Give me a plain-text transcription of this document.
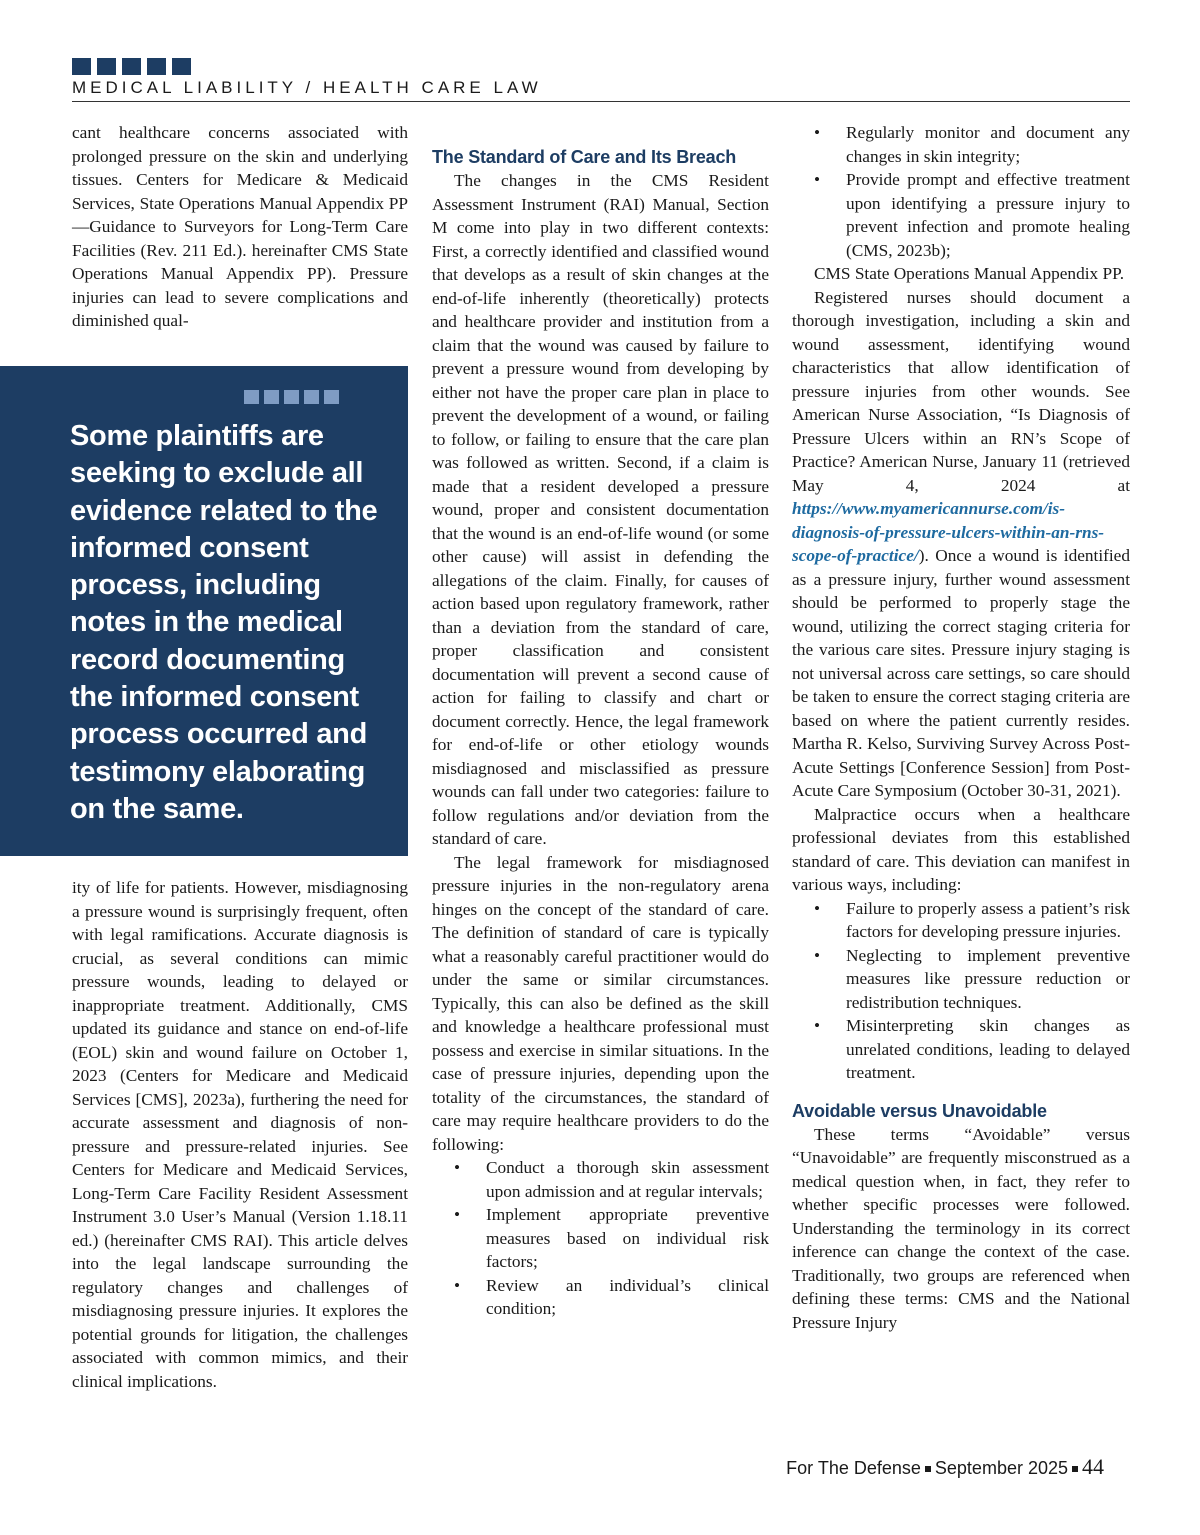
MEDICAL LIABILITY / HEALTH CARE LAW

cant healthcare concerns associated with prolonged pressure on the skin and underlying tissues. Centers for Medicare & Medicaid Services, State Operations Manual Appendix PP—Guidance to Surveyors for Long-Term Care Facilities (Rev. 211 Ed.). hereinafter CMS State Operations Manual Appendix PP). Pressure injuries can lead to severe complications and diminished qual-

Some plaintiffs are seeking to exclude all evidence related to the informed consent process, including notes in the medical record documenting the informed consent process occurred and testimony elaborating on the same.

ity of life for patients. However, misdiagnosing a pressure wound is surprisingly frequent, often with legal ramifications. Accurate diagnosis is crucial, as several conditions can mimic pressure wounds, leading to delayed or inappropriate treatment. Additionally, CMS updated its guidance and stance on end-of-life (EOL) skin and wound failure on October 1, 2023 (Centers for Medicare and Medicaid Services [CMS], 2023a), furthering the need for accurate assessment and diagnosis of non-pressure and pressure-related injuries. See Centers for Medicare and Medicaid Services, Long-Term Care Facility Resident Assessment Instrument 3.0 User’s Manual (Version 1.18.11 ed.) (hereinafter CMS RAI). This article delves into the legal landscape surrounding the regulatory changes and challenges of misdiagnosing pressure injuries. It explores the potential grounds for litigation, the challenges associated with common mimics, and their clinical implications.

The Standard of Care and Its Breach

The changes in the CMS Resident Assessment Instrument (RAI) Manual, Section M come into play in two different contexts: First, a correctly identified and classified wound that develops as a result of skin changes at the end-of-life inherently (theoretically) protects and healthcare provider and institution from a claim that the wound was caused by failure to prevent a pressure wound from developing by either not have the proper care plan in place to prevent the development of a wound, or failing to follow, or failing to ensure that the care plan was followed as written. Second, if a claim is made that a resident developed a pressure wound, proper and consistent documentation that the wound is an end-of-life wound (or some other cause) will assist in defending the allegations of the claim. Finally, for causes of action based upon regulatory framework, rather than a deviation from the standard of care, proper classification and consistent documentation will prevent a second cause of action for failing to classify and chart or document correctly. Hence, the legal framework for end-of-life or other etiology wounds misdiagnosed and misclassified as pressure wounds can fall under two categories: failure to follow regulations and/or deviation from the standard of care.

The legal framework for misdiagnosed pressure injuries in the non-regulatory arena hinges on the concept of the standard of care. The definition of standard of care is typically what a reasonably careful practitioner would do under the same or similar circumstances. Typically, this can also be defined as the skill and knowledge a healthcare professional must possess and exercise in similar situations. In the case of pressure injuries, depending upon the totality of the circumstances, the standard of care may require healthcare providers to do the following:

• Conduct a thorough skin assessment upon admission and at regular intervals;
• Implement appropriate preventive measures based on individual risk factors;
• Review an individual’s clinical condition;
• Regularly monitor and document any changes in skin integrity;
• Provide prompt and effective treatment upon identifying a pressure injury to prevent infection and promote healing (CMS, 2023b);

CMS State Operations Manual Appendix PP.

Registered nurses should document a thorough investigation, including a skin and wound assessment, identifying wound characteristics that allow identification of pressure injuries from other wounds. See American Nurse Association, “Is Diagnosis of Pressure Ulcers within an RN’s Scope of Practice? American Nurse, January 11 (retrieved May 4, 2024 at https://www.myamericannurse.com/is-diagnosis-of-pressure-ulcers-within-an-rns-scope-of-practice/). Once a wound is identified as a pressure injury, further wound assessment should be performed to properly stage the wound, utilizing the correct staging criteria for the various care sites. Pressure injury staging is not universal across care settings, so care should be taken to ensure the correct staging criteria are based on where the patient currently resides. Martha R. Kelso, Surviving Survey Across Post-Acute Settings [Conference Session] from Post-Acute Care Symposium (October 30-31, 2021).

Malpractice occurs when a healthcare professional deviates from this established standard of care. This deviation can manifest in various ways, including:

• Failure to properly assess a patient’s risk factors for developing pressure injuries.
• Neglecting to implement preventive measures like pressure reduction or redistribution techniques.
• Misinterpreting skin changes as unrelated conditions, leading to delayed treatment.
Avoidable versus Unavoidable

These terms “Avoidable” versus “Unavoidable” are frequently misconstrued as a medical question when, in fact, they refer to whether specific processes were followed. Understanding the terminology in its correct inference can change the context of the case. Traditionally, two groups are referenced when defining these terms: CMS and the National Pressure Injury

For The Defense September 2025 44
